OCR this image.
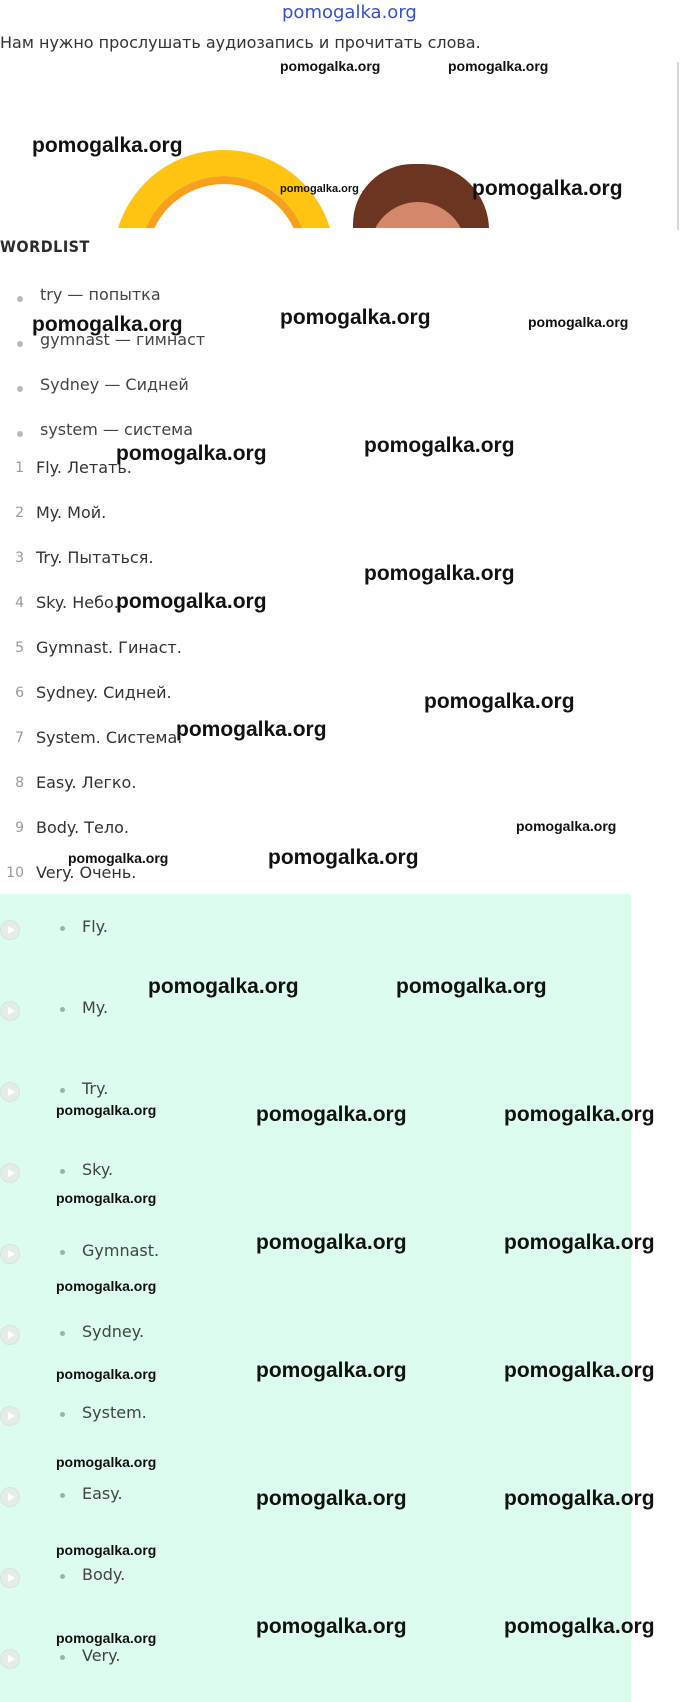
pomogalka.org
Нам нужно прослушать аудиозапись и прочитать слова.
WORDLIST
try — попытка
gymnast — гимнаст
Sydney — Сидней
system — система
1 Fly. Летать.
2 My. Мой.
3 Try. Пытаться.
4 Sky. Небо.
5 Gymnast. Гинаст.
6 Sydney. Сидней.
7 System. Система.
8 Easy. Легко.
9 Body. Тело.
10 Very. Очень.
Fly.
My.
Try.
Sky.
Gymnast.
Sydney.
System.
Easy.
Body.
Very.
pomogalka.org	pomogalka.org
pomogalka.org
pomogalka.org	pomogalka.org
pomogalka.org	pomogalka.org	pomogalka.org
pomogalka.org	pomogalka.org
pomogalka.org
pomogalka.org
pomogalka.org
pomogalka.org
pomogalka.org
pomogalka.org	pomogalka.org
pomogalka.org	pomogalka.org
pomogalka.org	pomogalka.org	pomogalka.org
pomogalka.org
pomogalka.org	pomogalka.org
pomogalka.org
pomogalka.org	pomogalka.org	pomogalka.org
pomogalka.org
pomogalka.org	pomogalka.org
pomogalka.org
pomogalka.org	pomogalka.org	pomogalka.org
